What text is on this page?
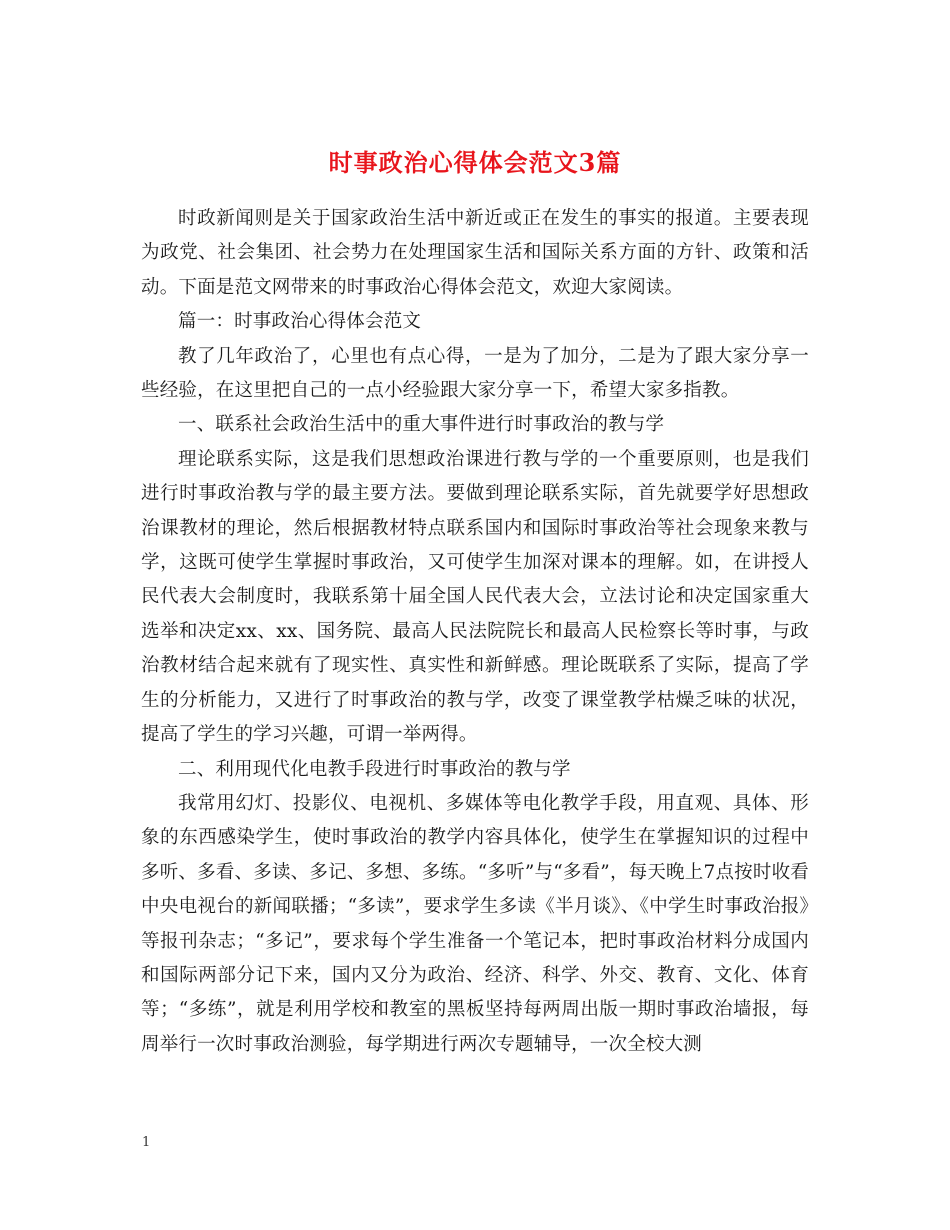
时事政治心得体会范文3篇

时政新闻则是关于国家政治生活中新近或正在发生的事实的报道。主要表现为政党、社会集团、社会势力在处理国家生活和国际关系方面的方针、政策和活动。下面是范文网带来的时事政治心得体会范文，欢迎大家阅读。

篇一：时事政治心得体会范文

教了几年政治了，心里也有点心得，一是为了加分，二是为了跟大家分享一些经验，在这里把自己的一点小经验跟大家分享一下，希望大家多指教。

一、联系社会政治生活中的重大事件进行时事政治的教与学

理论联系实际，这是我们思想政治课进行教与学的一个重要原则，也是我们进行时事政治教与学的最主要方法。要做到理论联系实际，首先就要学好思想政治课教材的理论，然后根据教材特点联系国内和国际时事政治等社会现象来教与学，这既可使学生掌握时事政治，又可使学生加深对课本的理解。如，在讲授人民代表大会制度时，我联系第十届全国人民代表大会，立法讨论和决定国家重大选举和决定xx、xx、国务院、最高人民法院院长和最高人民检察长等时事，与政治教材结合起来就有了现实性、真实性和新鲜感。理论既联系了实际，提高了学生的分析能力，又进行了时事政治的教与学，改变了课堂教学枯燥乏味的状况，提高了学生的学习兴趣，可谓一举两得。

二、利用现代化电教手段进行时事政治的教与学

我常用幻灯、投影仪、电视机、多媒体等电化教学手段，用直观、具体、形象的东西感染学生，使时事政治的教学内容具体化，使学生在掌握知识的过程中多听、多看、多读、多记、多想、多练。“多听”与“多看”，每天晚上7点按时收看中央电视台的新闻联播；“多读”，要求学生多读《半月谈》、《中学生时事政治报》等报刊杂志；“多记”，要求每个学生准备一个笔记本，把时事政治材料分成国内和国际两部分记下来，国内又分为政治、经济、科学、外交、教育、文化、体育等；“多练”，就是利用学校和教室的黑板坚持每两周出版一期时事政治墙报，每周举行一次时事政治测验，每学期进行两次专题辅导，一次全校大测

1
